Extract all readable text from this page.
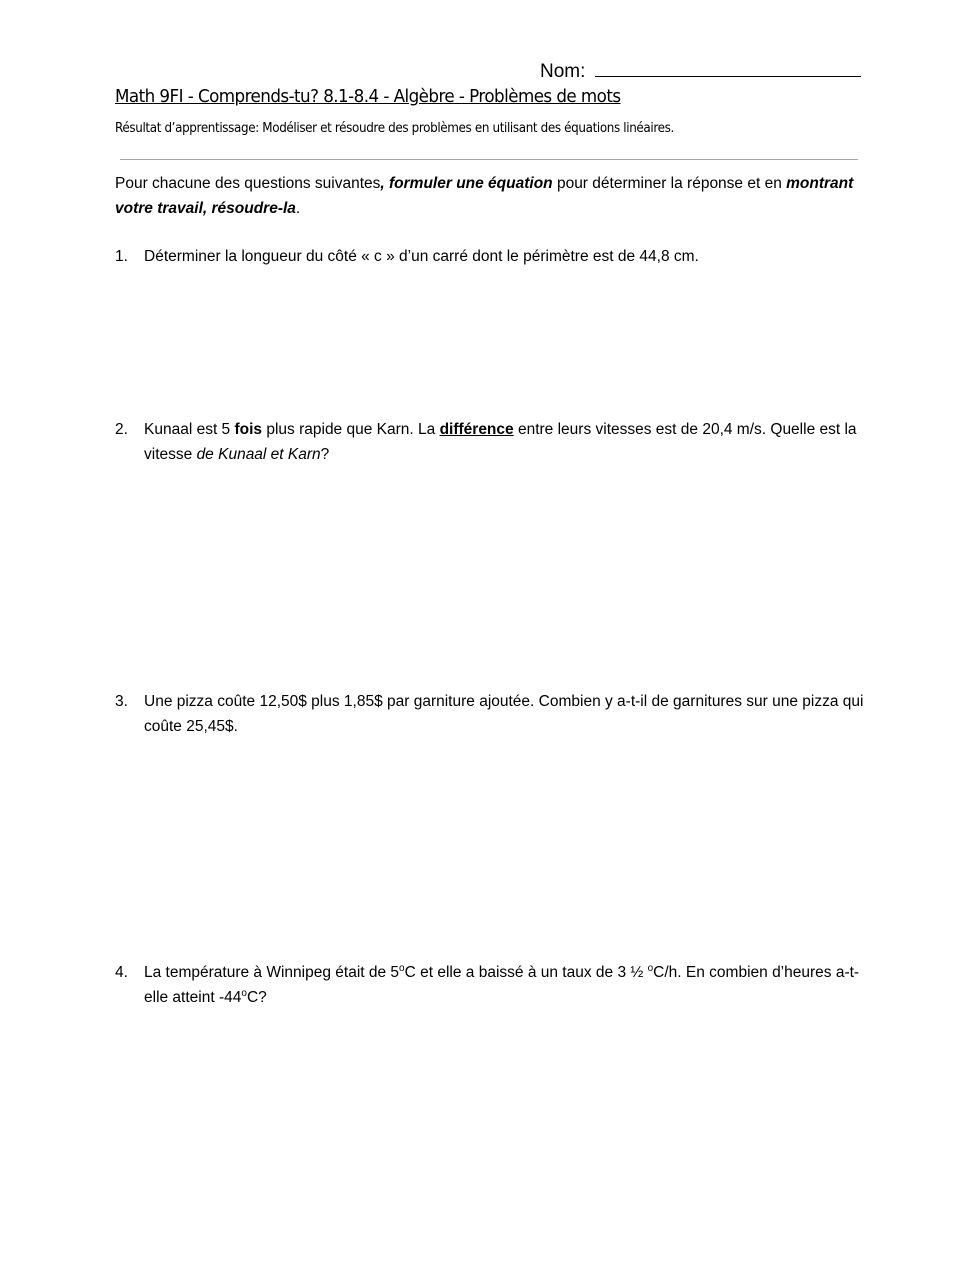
Nom:
Math 9FI - Comprends-tu? 8.1-8.4 - Algèbre - Problèmes de mots
Résultat d’apprentissage: Modéliser et résoudre des problèmes en utilisant des équations linéaires.
Pour chacune des questions suivantes, formuler une équation pour déterminer la réponse et en montrant votre travail, résoudre-la.
1. Déterminer la longueur du côté « c » d’un carré dont le périmètre est de 44,8 cm.
2. Kunaal est 5 fois plus rapide que Karn. La différence entre leurs vitesses est de 20,4 m/s. Quelle est la vitesse de Kunaal et Karn?
3. Une pizza coûte 12,50$ plus 1,85$ par garniture ajoutée. Combien y a-t-il de garnitures sur une pizza qui coûte 25,45$.
4. La température à Winnipeg était de 5$^o$C et elle a baissé à un taux de 3 ½ $^o$C/h. En combien d’heures a-t-elle atteint -44$^o$C?
